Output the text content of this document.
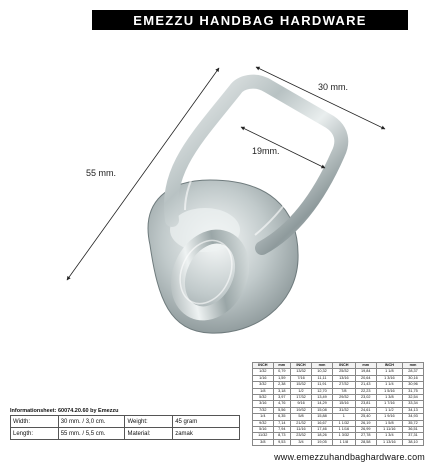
EMEZZU HANDBAG HARDWARE
55 mm.
30 mm.
19mm.
INCH	mm	INCH	mm	INCH	mm	INCH	mm
1/32	0,79	13/32	10,32	25/32	19,84	1 1/8	28,37
1/16	1,59	7/16	11,11	13/16	20,64	1 3/16	30,16
3/32	2,38	15/32	11,91	27/32	21,43	1 1/4	30,96
1/8	3,18	1/2	12,70	7/8	22,23	1 5/16	31,75
5/32	3,97	17/32	13,49	29/32	23,02	1 3/8	32,54
3/16	4,76	9/16	14,29	15/16	23,81	1 7/16	33,34
7/32	5,56	19/32	15,08	31/32	24,61	1 1/2	34,13
1/4	6,35	5/8	15,88	1	25,40	1 9/16	34,93
9/32	7,14	21/32	16,67	1 1/32	26,19	1 5/8	35,72
5/16	7,94	11/16	17,46	1 1/16	26,99	1 11/16	36,51
11/32	8,73	23/32	18,26	1 3/32	27,78	1 3/4	37,31
3/8	9,53	3/4	19,05	1 1/8	28,58	1 13/16	38,10
Informationsheet: 60074.20.60 by Emezzu
Width:	30 mm. / 3,0 cm.	Weight:	45 gram
Length:	55 mm. / 5,5 cm.	Material:	zamak
www.emezzuhandbaghardware.com
